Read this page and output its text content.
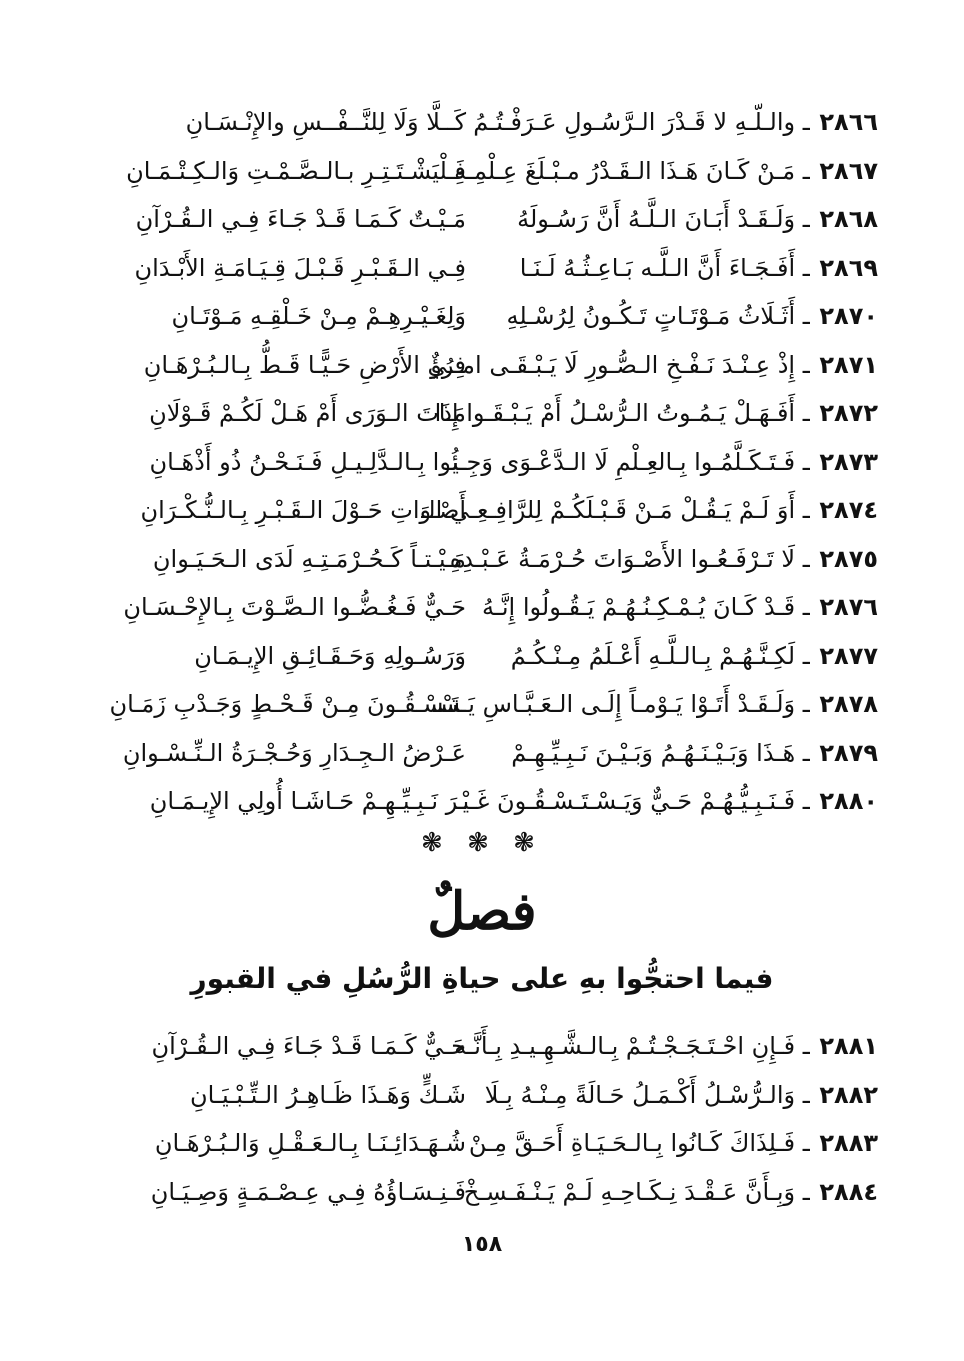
٢٨٦٦ ـ والـلّـهِ لا قَـدْرَ الـرَّسُـولِ عَـرَفْـتُـمُ
كَــلَّا وَلَا لِلنَّــفْــسِ والإِنْـسَـانِ
٢٨٦٧ ـ مَـنْ كَـانَ هَـذَا الـقَـدْرُ مـبْـلَغَ عِـلْمِـهِ
فَـلْيَشْـتَـتِـرِ بـالـصَّـمْـتِ وَالـكِـتْـمَـانِ
٢٨٦٨ ـ وَلَـقَـدْ أَبَـانَ الـلَّـهُ أَنَّ رَسُـولَهُ
مَـيْـتٌ كَـمَـا قَـدْ جَـاءَ فِـي الـقُـرْآنِ
٢٨٦٩ ـ أَفَـجَـاءَ أَنَّ الـلَّـه بَـاعِـثُـهُ لَـنَـا
فِـي الـقَـبْـرِ قَـبْـلَ قِـيَـامَـةِ الأَبْـدَانِ
٢٨٧٠ ـ أَثَـلَاثُ مَـوْتَـاتٍ تَـكُـونُ لِرُسْـلِهِ
وَلِغَـيْـرِهِـمْ مِـنْ خَـلْقِـهِ مَـوْتَـانِ
٢٨٧١ ـ إِذْ عِـنْـدَ نَـفْـخِ الـصُّـورِ لَا يَـبْـقَـى امـرُؤٌ
فِـي الأَرْضِ حَـيًّـا قَـطُّ بِـالـبُـرْهَـانِ
٢٨٧٢ ـ أَفَـهَـلْ يَـمُـوتُ الـرُّسْـلُ أَمْ يَـبْـقَـوا إِذَا
مَـاتَ الـوَرَى أَمْ هَـلْ لَكُـمْ قَـوْلَانِ
٢٨٧٣ ـ فَـتَـكَـلَّمُـوا بِـالعِـلْمِ لَا الـدَّعْـوَى وَجِـيـ
ـئُوا بِـالـدَّلِـيـلِ فَـنَـحْـنُ ذُو أَذْهَـانِ
٢٨٧٤ ـ أَوَ لَـمْ يَـقُـلْ مَـنْ قَـبْـلَكُـمْ لِلرَّافِـعِـي الـ
أَصْـوَاتِ حَـوْلَ الـقَـبْـرِ بِـالـنُّـكْـرَانِ
٢٨٧٥ ـ لَا تَـرْفَـعُـوا الأَصْـوَاتَ حُـرْمَـةُ عَـبْـدِهِ
مَـيْـتـاً كَـحُـرْمَـتِـهِ لَدَى الـحَـيَـوانِ
٢٨٧٦ ـ قَـدْ كَـانَ يُـمْـكِـنُـهُـمْ يَـقُـولُوا إِنَّـهُ
حَـيٌّ فَـغُـضُّـوا الـصَّـوْتَ بِـالإِحْـسَـانِ
٢٨٧٧ ـ لَكِـنَّـهُـمْ بِـالـلَّـهِ أَعْـلَمُ مِـنْـكُـمُ
وَرَسُـولِهِ وَحَـقَـائِـقِ الإِيـمَـانِ
٢٨٧٨ ـ وَلَـقَـدْ أَتَـوْا يَـوْمـاً إِلَـى الـعَـبَّـاسِ يَـسْـ
ـتَـسْـقُـونَ مِـنْ قَـحْـطٍ وَجَـدْبِ زَمَـانِ
٢٨٧٩ ـ هَـذَا وَبَـيْـنَـهُـمُ وَبَـيْـنَ نَـبِـيِّـهِـمْ
عَـرْضُ الـجِـدَارِ وَحُـجْـرَةُ الـنِّـسْـوانِ
٢٨٨٠ ـ فَـنَـبِـيُّـهُـمْ حَـيٌّ وَيَـسْـتَـسْـقُـونَ غَـيْـ
ـرَ نَـبِـيِّـهِـمْ حَـاشَـا أُولِي الإِيـمَـانِ
❃ ❃ ❃
فصلٌ
فيما احتجُّوا بهِ على حياةِ الرُّسُلِ في القبورِ
٢٨٨١ ـ فَـإِنِ احْـتَـجَـجْـتُـمْ بِـالـشَّـهِـيـدِ بِـأَنَّـه
حَـيٌّ كَـمَـا قَـدْ جَـاءَ فِـي الـقُـرْآنِ
٢٨٨٢ ـ وَالـرُّسْـلُ أَكْـمَـلُ حَـالَةً مِـنْـهُ بِـلَا
شَـكٍّ وَهَـذَا ظَـاهِـرُ الـتِّـبْـيَـانِ
٢٨٨٣ ـ فَـلِذَاكَ كَـانُوا بِـالـحَـيَـاةِ أَحَـقَّ مِـنْ
شُـهَـدَائِـنَـا بِـالـعَـقْـلِ وَالـبُـرْهَـانِ
٢٨٨٤ ـ وَبِـأَنَّ عَـقْـدَ نِـكَـاحِـهِ لَـمْ يَـنْـفَـسِـخْ
فَـنِـسَـاؤُهُ فِـي عِـصْـمَـةٍ وَصِـيَـانِ
١٥٨
